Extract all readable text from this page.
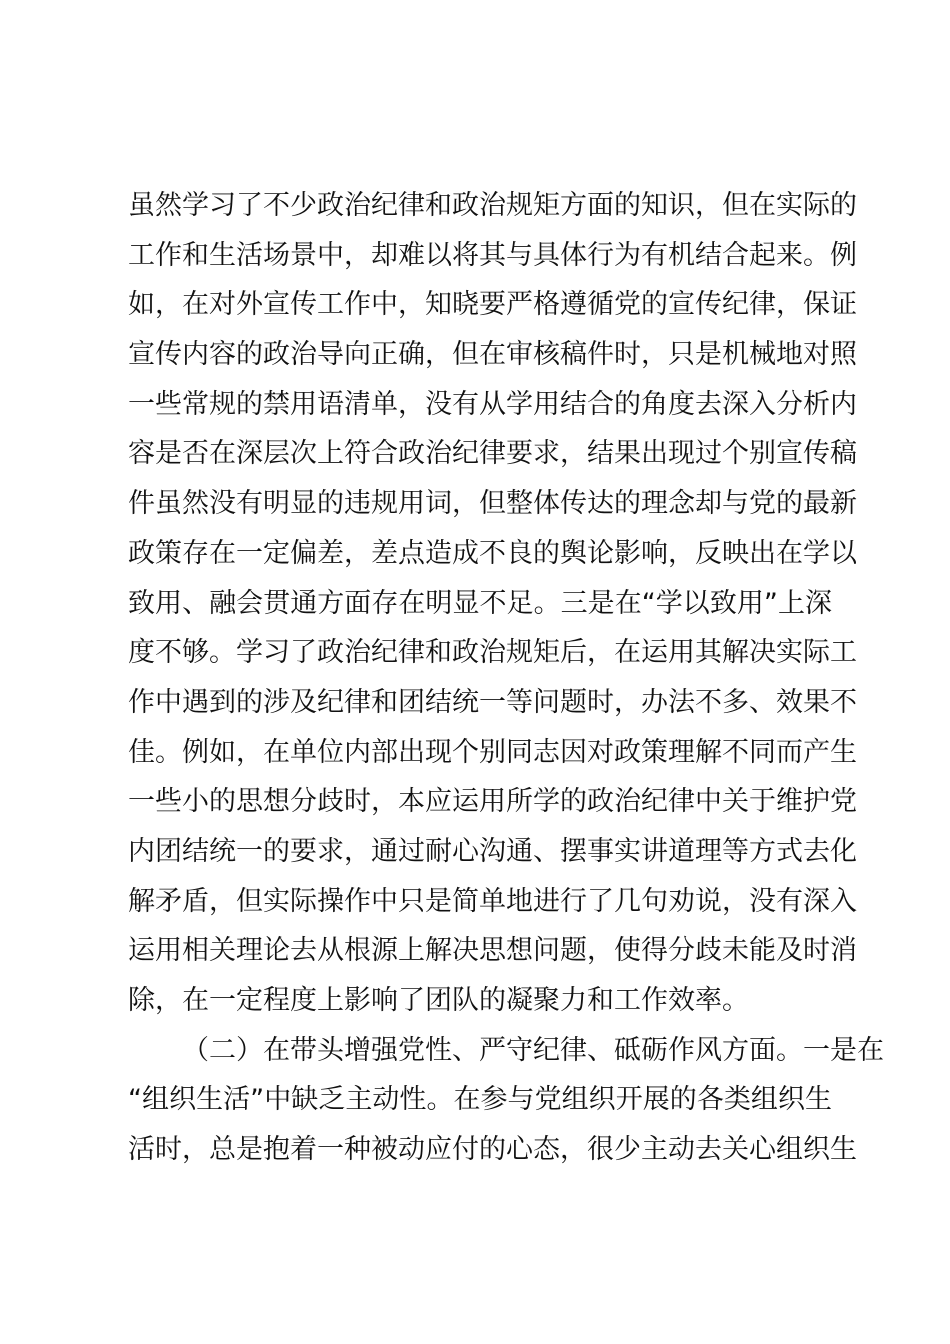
虽然学习了不少政治纪律和政治规矩方面的知识，但在实际的
工作和生活场景中，却难以将其与具体行为有机结合起来。例
如，在对外宣传工作中，知晓要严格遵循党的宣传纪律，保证
宣传内容的政治导向正确，但在审核稿件时，只是机械地对照
一些常规的禁用语清单，没有从学用结合的角度去深入分析内
容是否在深层次上符合政治纪律要求，结果出现过个别宣传稿
件虽然没有明显的违规用词，但整体传达的理念却与党的最新
政策存在一定偏差，差点造成不良的舆论影响，反映出在学以
致用、融会贯通方面存在明显不足。三是在“学以致用”上深
度不够。学习了政治纪律和政治规矩后，在运用其解决实际工
作中遇到的涉及纪律和团结统一等问题时，办法不多、效果不
佳。例如，在单位内部出现个别同志因对政策理解不同而产生
一些小的思想分歧时，本应运用所学的政治纪律中关于维护党
内团结统一的要求，通过耐心沟通、摆事实讲道理等方式去化
解矛盾，但实际操作中只是简单地进行了几句劝说，没有深入
运用相关理论去从根源上解决思想问题，使得分歧未能及时消
除，在一定程度上影响了团队的凝聚力和工作效率。
（二）在带头增强党性、严守纪律、砥砺作风方面。一是在
“组织生活”中缺乏主动性。在参与党组织开展的各类组织生
活时，总是抱着一种被动应付的心态，很少主动去关心组织生
